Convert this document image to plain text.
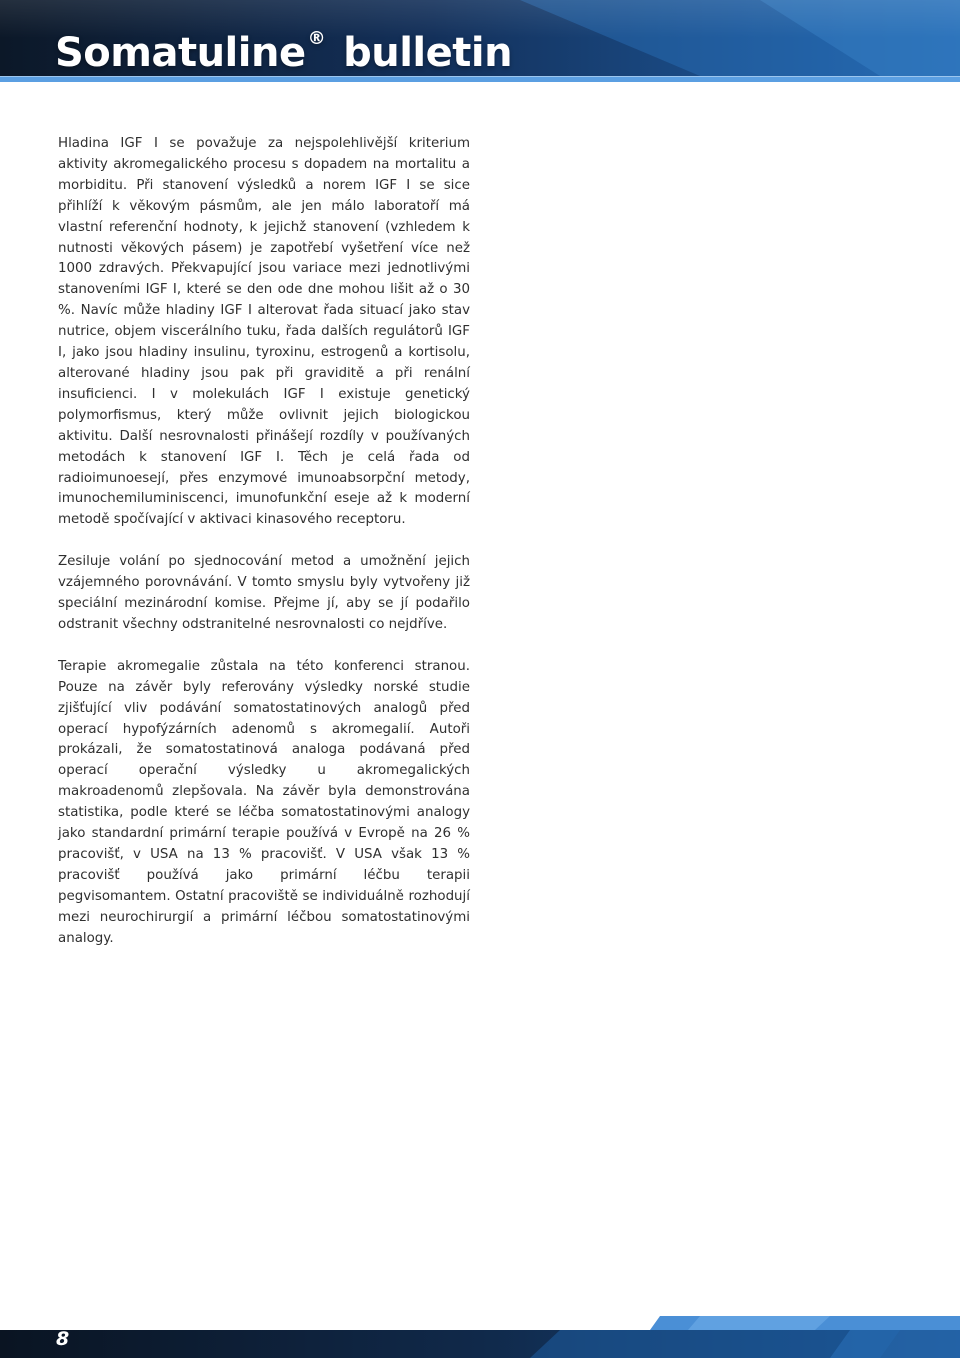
Somatuline ® bulletin

Hladina IGF I se považuje za nejspolehlivější kriterium aktivity akromegalického procesu s dopadem na mortalitu a morbiditu. Při stanovení výsledků a norem IGF I se sice přihlíží k věkovým pásmům, ale jen málo laboratoří má vlastní referenční hodnoty, k jejichž stanovení (vzhledem k nutnosti věkových pásem) je zapotřebí vyšetření více než 1000 zdravých. Překvapující jsou variace mezi jednotlivými stanoveními IGF I, které se den ode dne mohou lišit až o 30 %. Navíc může hladiny IGF I alterovat řada situací jako stav nutrice, objem viscerálního tuku, řada dalších regulátorů IGF I, jako jsou hladiny insulinu, tyroxinu, estrogenů a kortisolu, alterované hladiny jsou pak při graviditě a při renální insuficienci. I v molekulách IGF I existuje genetický polymorfismus, který může ovlivnit jejich biologickou aktivitu. Další nesrovnalosti přinášejí rozdíly v používaných metodách k stanovení IGF I. Těch je celá řada od radioimunoesejí, přes enzymové imunoabsorpční metody, imunochemiluminiscenci, imunofunkční eseje až k moderní metodě spočívající v aktivaci kinasového receptoru.

Zesiluje volání po sjednocování metod a umožnění jejich vzájemného porovnávání. V tomto smyslu byly vytvořeny již speciální mezinárodní komise. Přejme jí, aby se jí podařilo odstranit všechny odstranitelné nesrovnalosti co nejdříve.

Terapie akromegalie zůstala na této konferenci stranou. Pouze na závěr byly referovány výsledky norské studie zjišťující vliv podávání somatostatinových analogů před operací hypofýzárních adenomů s akromegalií. Autoři prokázali, že somatostatinová analoga podávaná před operací operační výsledky u akromegalických makroadenomů zlepšovala. Na závěr byla demonstrována statistika, podle které se léčba somatostatinovými analogy jako standardní primární terapie používá v Evropě na 26 % pracovišť, v USA na 13 % pracovišť. V USA však 13 % pracovišť používá jako primární léčbu terapii pegvisomantem. Ostatní pracoviště se individuálně rozhodují mezi neurochirurgií a primární léčbou somatostatinovými analogy.

8
